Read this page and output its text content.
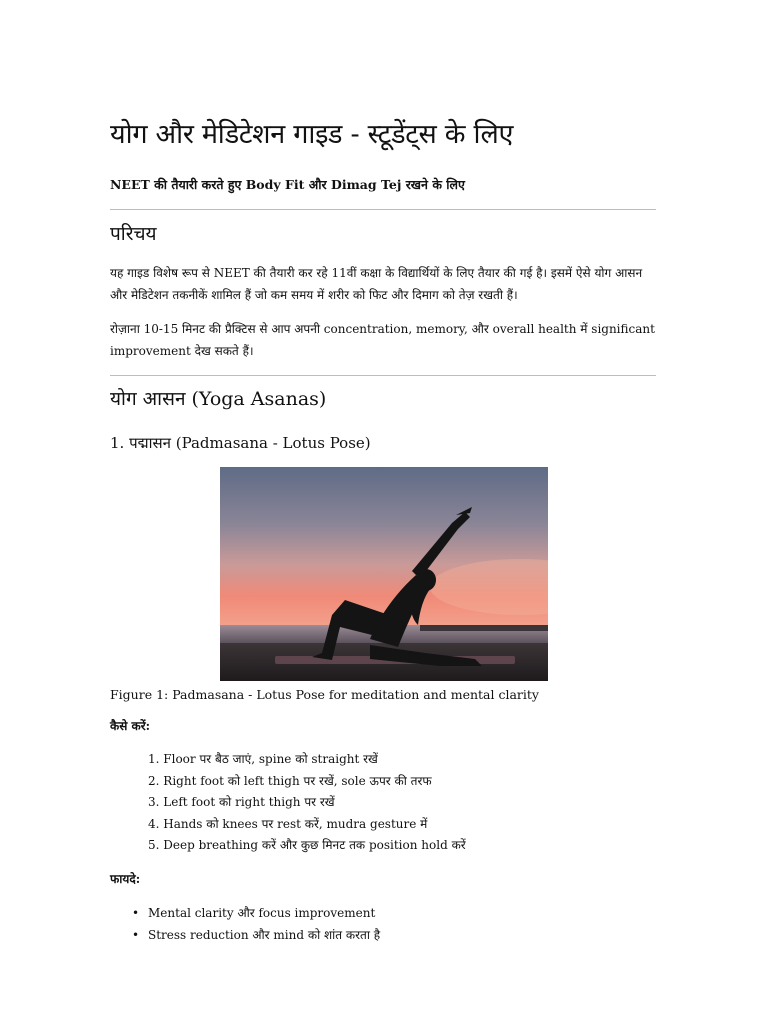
योग और मेडिटेशन गाइड - स्टूडेंट्स के लिए

NEET की तैयारी करते हुए Body Fit और Dimag Tej रखने के लिए

परिचय

यह गाइड विशेष रूप से NEET की तैयारी कर रहे 11वीं कक्षा के विद्यार्थियों के लिए तैयार की गई है। इसमें ऐसे योग आसन और मेडिटेशन तकनीकें शामिल हैं जो कम समय में शरीर को फिट और दिमाग को तेज़ रखती हैं।

रोज़ाना 10-15 मिनट की प्रैक्टिस से आप अपनी concentration, memory, और overall health में significant improvement देख सकते हैं।

योग आसन (Yoga Asanas)
1. पद्मासन (Padmasana - Lotus Pose)

Figure 1: Padmasana - Lotus Pose for meditation and mental clarity

कैसे करें:

1. Floor पर बैठ जाएं, spine को straight रखें
2. Right foot को left thigh पर रखें, sole ऊपर की तरफ
3. Left foot को right thigh पर रखें
4. Hands को knees पर rest करें, mudra gesture में
5. Deep breathing करें और कुछ मिनट तक position hold करें

फायदे:

• Mental clarity और focus improvement
• Stress reduction और mind को शांत करता है
